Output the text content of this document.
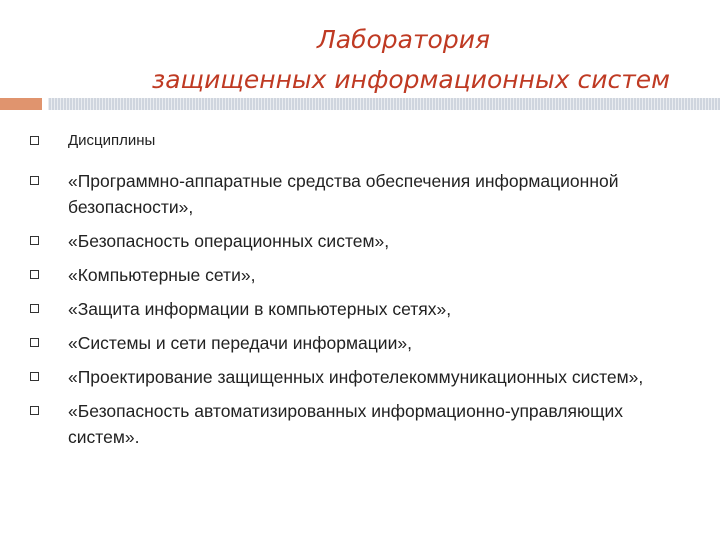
Лаборатория
защищенных информационных систем
Дисциплины
«Программно-аппаратные средства обеспечения информационной безопасности»,
«Безопасность операционных систем»,
«Компьютерные сети»,
«Защита информации в компьютерных сетях»,
«Системы и сети передачи информации»,
«Проектирование защищенных инфотелекоммуникационных систем»,
«Безопасность автоматизированных информационно-управляющих систем».
